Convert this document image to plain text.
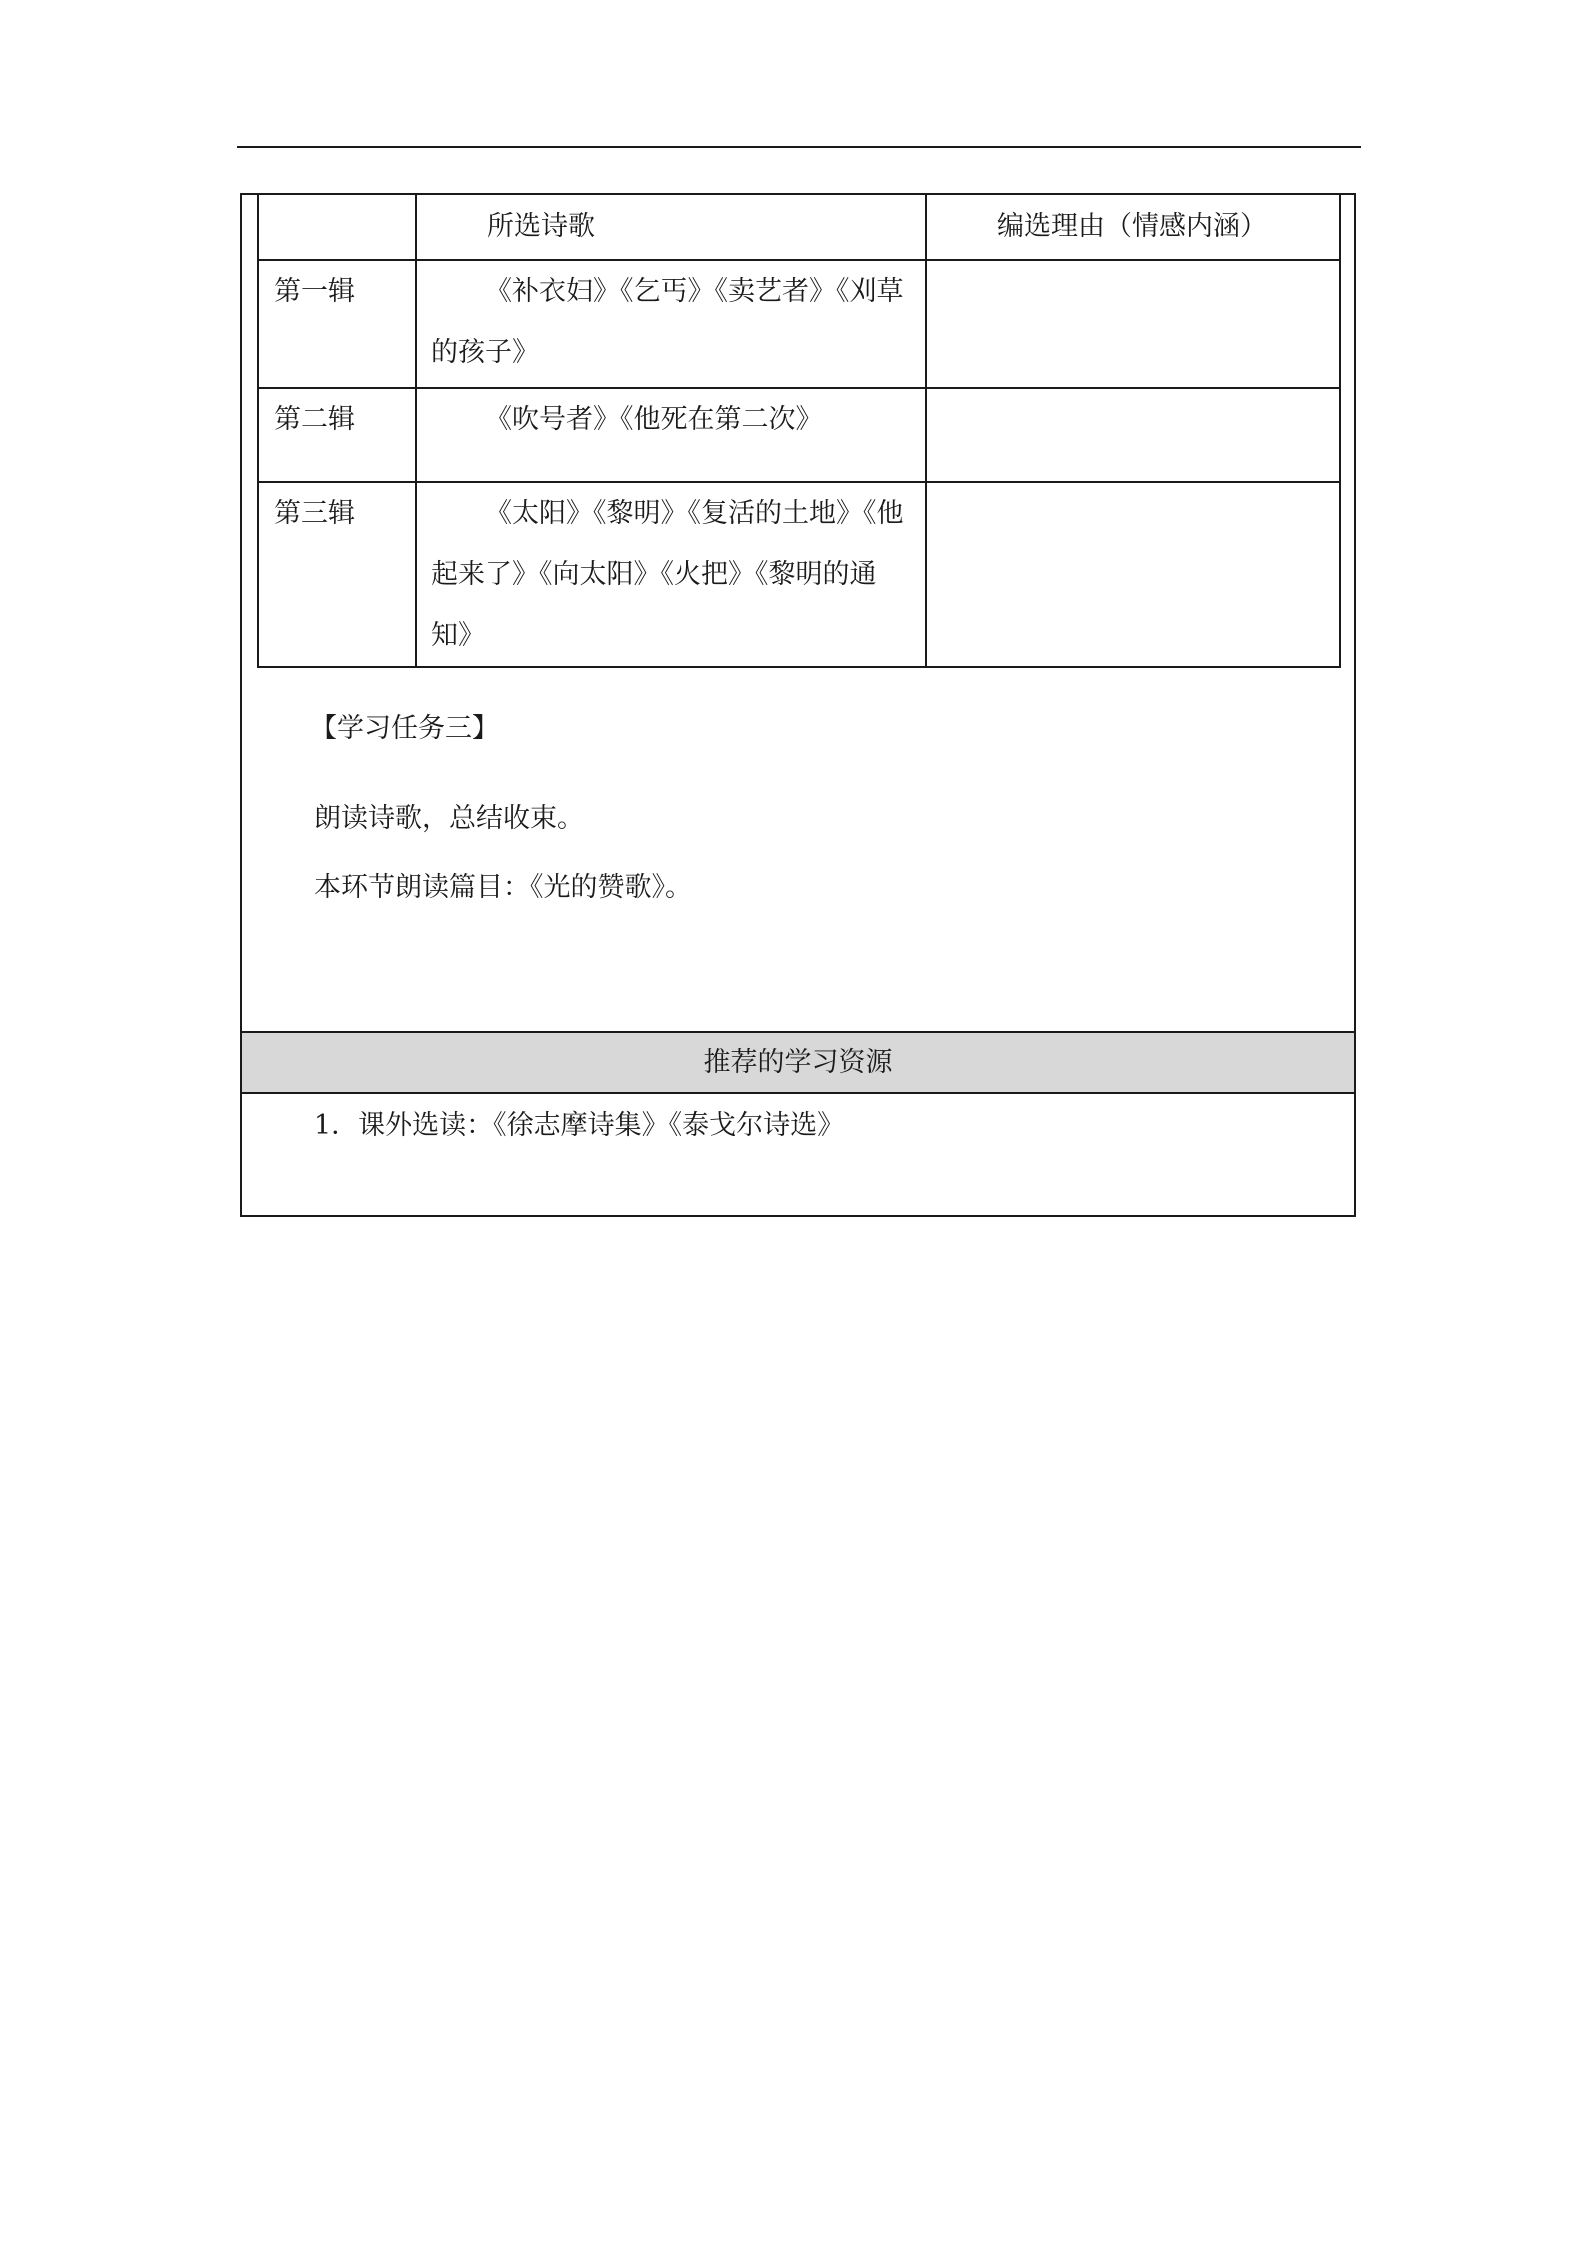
	所选诗歌	编选理由（情感内涵）
第一辑	《补衣妇》《乞丐》《卖艺者》《刈草的孩子》	
第二辑	《吹号者》《他死在第二次》	
第三辑	《太阳》《黎明》《复活的土地》《他起来了》《向太阳》《火把》《黎明的通知》	
【学习任务三】
朗读诗歌，总结收束。
本环节朗读篇目：《光的赞歌》。
推荐的学习资源
1．课外选读：《徐志摩诗集》《泰戈尔诗选》
